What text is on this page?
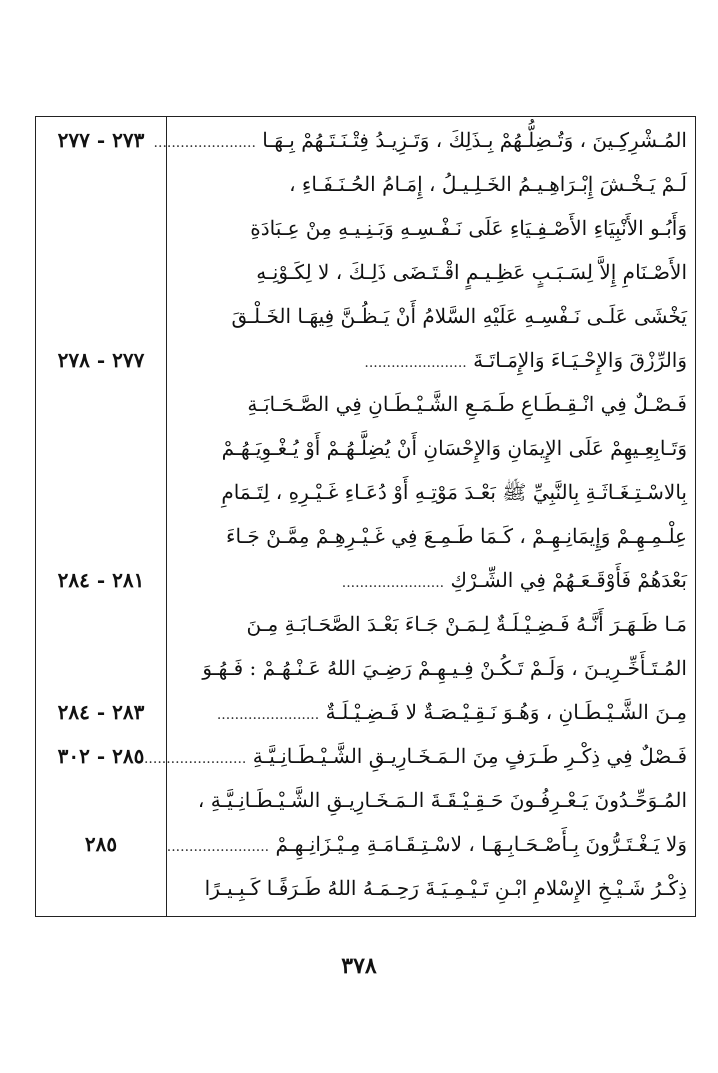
٢٧٣ - ٢٧٧	المُـشْرِكِـينَ ، وَتُـضِلُّـهُمْ بِـذَلِكَ ، وَتَـزِيـدُ فِتْـنَـتَـهُمْ بِـهَـا .......................
لَـمْ يَـخْـشَ إِبْـرَاهِـيـمُ الخَـلِـيـلُ ، إِمَـامُ الحُـنَـفَـاءِ ،
وَأَبُـو الأَنْبِيَاءِ الأَصْـفِـيَاءِ عَلَى نَـفْـسِـهِ وَبَـنِـيـهِ مِنْ عِـبَادَةِ
الأَصْـنَامِ إِلاَّ لِسَـبَـبٍ عَظِـيـمٍ اقْـتَـضَى ذَلِـكَ ، لا لِكَـوْنِـهِ
يَخْشَى عَلَـى نَـفْسِـهِ عَلَيْهِ السَّلامُ أَنْ يَـظُـنَّ فِيهَـا الخَـلْـقَ
٢٧٧ - ٢٧٨	وَالرِّزْقَ وَالإِحْـيَـاءَ وَالإِمَـاتَـةَ .......................
فَـصْـلٌ فِي انْـقِـطَـاعِ طَـمَـعِ الشَّـيْـطَـانِ فِي الصَّـحَـابَـةِ
وَتَـابِعِـيهِمْ عَلَى الإِيمَانِ وَالإِحْسَانِ أَنْ يُضِلَّـهُـمْ أَوْ يُـغْـوِيَـهُـمْ
بِالاسْـتِـغَـاثَـةِ بِالنَّبِيِّ ﷺ بَعْـدَ مَوْتِـهِ أَوْ دُعَـاءِ غَـيْـرِهِ ، لِتَـمَامِ
عِلْـمِـهِـمْ وَإِيمَانِـهِـمْ ، كَـمَا طَـمِـعَ فِي غَـيْـرِهِـمْ مِمَّـنْ جَـاءَ
٢٨١ - ٢٨٤	بَعْدَهُمْ فَأَوْقَـعَـهُمْ فِي الشِّـرْكِ .......................
مَـا ظَـهَـرَ أَنَّـهُ فَـضِـيْـلَـةٌ لِـمَـنْ جَـاءَ بَعْـدَ الصَّحَـابَـةِ مِـنَ
المُـتَـأَخِّـرِيـنَ ، وَلَـمْ تَـكُـنْ فِـيـهِـمْ رَضِـيَ اللهُ عَـنْـهُـمْ : فَـهُـوَ
٢٨٣ - ٢٨٤	مِـنَ الشَّـيْـطَـانِ ، وَهُـوَ نَـقِـيْـصَـةٌ لا فَـضِـيْـلَـةٌ .......................
٢٨٥ - ٣٠٢	فَـصْلٌ فِي ذِكْـرِ طَـرَفٍ مِنَ الـمَـخَـارِيـقِ الشَّـيْـطَـانِـيَّـةِ .......................
المُـوَحِّـدُونَ يَـعْـرِفُـونَ حَـقِـيْـقَـةَ الـمَـخَـارِيـقِ الشَّـيْـطَـانِـيَّـةِ ،
٢٨٥	وَلا يَـغْـتَـرُّونَ بِـأَصْـحَـابِـهَـا ، لاسْـتِـقَـامَـةِ مِـيْـزَانِـهِـمْ .......................
ذِكْـرُ شَـيْـخِ الإِسْلامِ ابْـنِ تَـيْـمِـيَـةَ رَحِـمَـهُ اللهُ طَـرَفًـا كَـبِـيـرًا
٣٧٨
